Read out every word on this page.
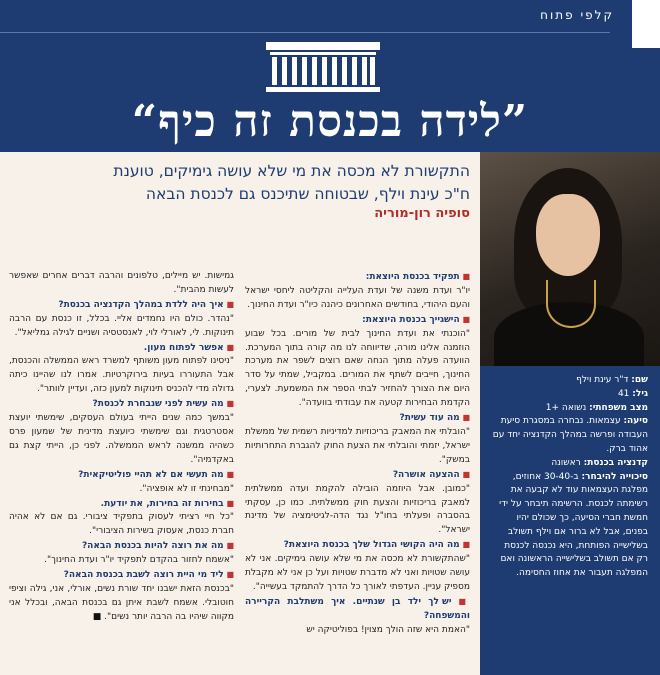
קלפי פתוח
”לידה בכנסת זה כיף“
התקשורת לא מכסה את מי שלא עושה גימיקים, טוענת
ח"כ עינת וילף, שבטוחה שתיכנס גם לכנסת הבאה
סופיה רון-מוריה
שם: ד"ר עינת וילף
גיל: 41
מצב משפחתי: נשואה +1
סיעה: עצמאות. נבחרה במסגרת סיעת העבודה ופרשה במהלך הקדנציה יחד עם אהוד ברק.
קדנציה בכנסת: ראשונה
סיכוייה להיבחר: ב-30-40 אחוזים, מפלגת העצמאות עוד לא קבעה את רשימתה לכנסת. הרשימה תיבחר על ידי חמשת חברי הסיעה, כך שכולם יהיו בפנים, אבל לא ברור אם וילף תשולב בשלישייה הפותחת, היא נכנסה לכנסת רק אם תשולב בשלישייה הראשונה ואם המפלגה תעבור את אחוז החסימה.
■ תפקיד בכנסת היוצאת:
יו"ר ועדת משנה של ועדת העלייה והקליטה ליחסי ישראל והעם היהודי, בחודשים האחרונים כיהנה כיו"ר ועדת החינוך.
■ הישגייך בכנסת היוצאת:
"הוכנתי את ועדת החינוך לבית של מורים. בכל שבוע הוזמנה אלינו מורה, שדיווחה לנו מה קורה בתוך המערכת. הוועדה פעלה מתוך הנחה שאם רוצים לשפר את מערכת החינוך, חייבים לשתף את המורים. במקביל, שמתי על סדר היום את הצורך להחזיר לבתי הספר את המשמעת. לצערי, הקדמת הבחירות קטעה את עבודתי בוועדה".
■ מה עוד עשית?
"הובלתי את המאבק בריכוזיות למדיניות רשמית של ממשלת ישראל, יזמתי והובלתי את הצעת החוק להגברת התחרותיות במשק".
■ ההצעה אושרה?
"כמובן. אבל היוזמה הובילה להקמת ועדה ממשלתית למאבק בריכוזיות והצעת חוק ממשלתית. כמו כן, עסקתי בהסברה ופעלתי בחו"ל נגד הדה-לגיטימציה של מדינת ישראל".
■ מה היה הקושי הגדול שלך בכנסת היוצאת?
"שהתקשורת לא מכסה את מי שלא עושה גימיקים. אני לא עושה שטויות ואני לא מדברת שטויות ועל כן אני לא מקבלת מספיק עניין. העדפתי לאורך כל הדרך להתמקד בעשייה".
■ יש לך ילד בן שנתיים. איך משתלבת הקריירה והמשפחה?
"האמת היא שזה הולך מצוין! בפוליטיקה יש
גמישות. יש מיילים, טלפונים והרבה דברים אחרים שאפשר לעשות מהבית".
■ איך היה ללדת במהלך הקדנציה בכנסת?
"נהדר. כולם היו נחמדים אליי. בכלל, זו כנסת עם הרבה תינוקות. לי, לאורלי לוי, לאנסטסיה ושניים לגילה גמליאל".
■ אפשר לפתוח מעון.
"ניסינו לפתוח מעון משותף למשרד ראש הממשלה והכנסת, אבל התעוררו בעיות בירוקרטיות. אמרו לנו שהיינו כיתה גדולה מדי להכניס תינוקות למעון כזה, ועדיין לוותר".
■ מה עשית לפני שנבחרת לכנסת?
"במשך כמה שנים הייתי בעולם העסקים, שימשתי יועצת אסטרטגית וגם שימשתי כיועצת מדינית של שמעון פרס כשהיה ממשנה לראש הממשלה. לפני כן, הייתי קצת גם באקדמיה".
■ מה תעשי אם לא תהיי פוליטיקאית?
"מבחינתי זו לא אופציה".
■ בחירות זה בחירות, את יודעת.
"כל חיי רציתי לעסוק בתפקיד ציבורי. גם אם לא אהיה חברת כנסת, אעסוק בשירות הציבורי".
■ מה את רוצה להיות בכנסת הבאה?
"אשמח לחזור בהקדם לתפקיד יו"ר ועדת החינוך".
■ ליד מי היית רוצה לשבת בכנסת הבאה?
"בכנסת הזאת ישבנו יחד שורת נשים, אורלי, אני, גילה וציפי חוטובלי. אשמח לשבת איתן גם בכנסת הבאה, ובכלל אני מקווה שיהיו בה הרבה יותר נשים". ■
